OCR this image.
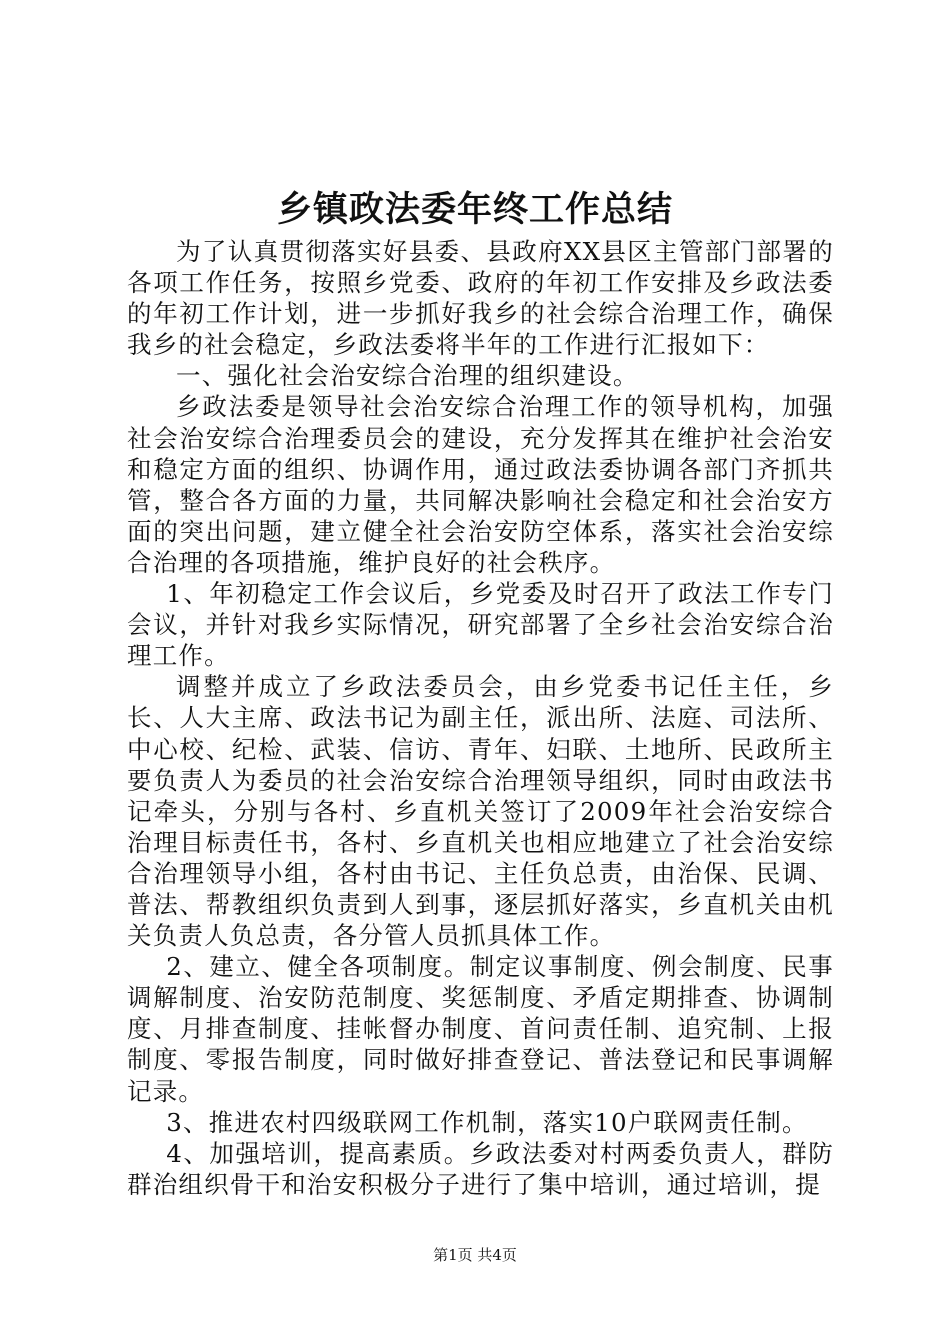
乡镇政法委年终工作总结

为了认真贯彻落实好县委、县政府XX县区主管部门部署的各项工作任务，按照乡党委、政府的年初工作安排及乡政法委的年初工作计划，进一步抓好我乡的社会综合治理工作，确保我乡的社会稳定，乡政法委将半年的工作进行汇报如下：

一、强化社会治安综合治理的组织建设。

乡政法委是领导社会治安综合治理工作的领导机构，加强社会治安综合治理委员会的建设，充分发挥其在维护社会治安和稳定方面的组织、协调作用，通过政法委协调各部门齐抓共管，整合各方面的力量，共同解决影响社会稳定和社会治安方面的突出问题，建立健全社会治安防空体系，落实社会治安综合治理的各项措施，维护良好的社会秩序。

1、年初稳定工作会议后，乡党委及时召开了政法工作专门会议，并针对我乡实际情况，研究部署了全乡社会治安综合治理工作。

调整并成立了乡政法委员会，由乡党委书记任主任，乡长、人大主席、政法书记为副主任，派出所、法庭、司法所、中心校、纪检、武装、信访、青年、妇联、土地所、民政所主要负责人为委员的社会治安综合治理领导组织，同时由政法书记牵头，分别与各村、乡直机关签订了2009年社会治安综合治理目标责任书，各村、乡直机关也相应地建立了社会治安综合治理领导小组，各村由书记、主任负总责，由治保、民调、普法、帮教组织负责到人到事，逐层抓好落实，乡直机关由机关负责人负总责，各分管人员抓具体工作。

2、建立、健全各项制度。制定议事制度、例会制度、民事调解制度、治安防范制度、奖惩制度、矛盾定期排查、协调制度、月排查制度、挂帐督办制度、首问责任制、追究制、上报制度、零报告制度，同时做好排查登记、普法登记和民事调解记录。

3、推进农村四级联网工作机制，落实10户联网责任制。

4、加强培训，提高素质。乡政法委对村两委负责人，群防群治组织骨干和治安积极分子进行了集中培训，通过培训，提

第1页 共4页
